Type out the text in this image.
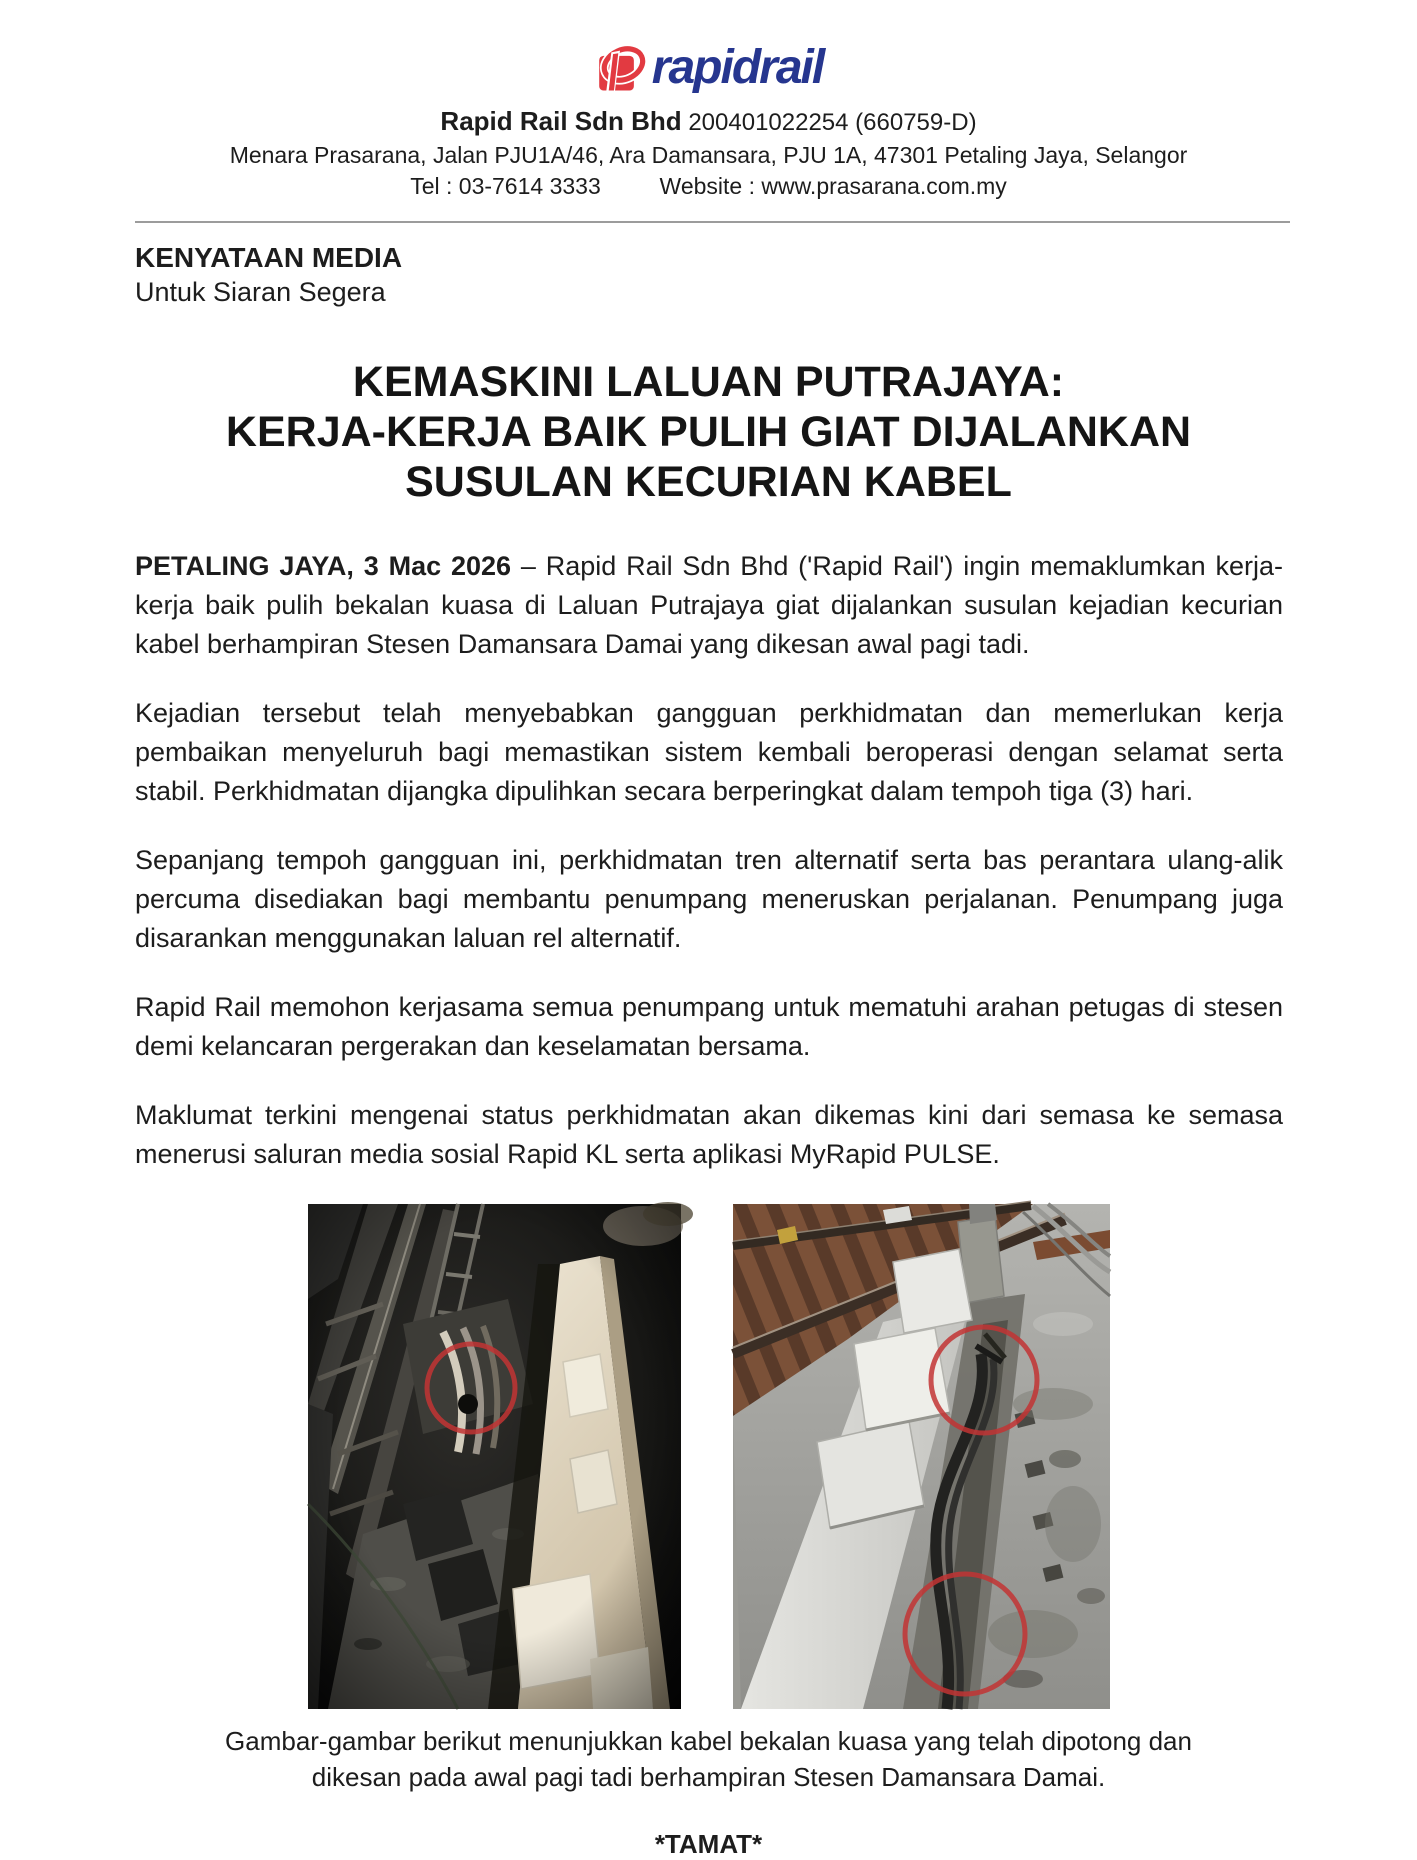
rapidrail
Rapid Rail Sdn Bhd 200401022254 (660759-D)
Menara Prasarana, Jalan PJU1A/46, Ara Damansara, PJU 1A, 47301 Petaling Jaya, Selangor
Tel : 03-7614 3333	Website : www.prasarana.com.my
KENYATAAN MEDIA
Untuk Siaran Segera
KEMASKINI LALUAN PUTRAJAYA:
KERJA-KERJA BAIK PULIH GIAT DIJALANKAN
SUSULAN KECURIAN KABEL

PETALING JAYA, 3 Mac 2026 – Rapid Rail Sdn Bhd ('Rapid Rail') ingin memaklumkan kerja-kerja baik pulih bekalan kuasa di Laluan Putrajaya giat dijalankan susulan kejadian kecurian kabel berhampiran Stesen Damansara Damai yang dikesan awal pagi tadi.

Kejadian tersebut telah menyebabkan gangguan perkhidmatan dan memerlukan kerja pembaikan menyeluruh bagi memastikan sistem kembali beroperasi dengan selamat serta stabil. Perkhidmatan dijangka dipulihkan secara berperingkat dalam tempoh tiga (3) hari.

Sepanjang tempoh gangguan ini, perkhidmatan tren alternatif serta bas perantara ulang-alik percuma disediakan bagi membantu penumpang meneruskan perjalanan. Penumpang juga disarankan menggunakan laluan rel alternatif.

Rapid Rail memohon kerjasama semua penumpang untuk mematuhi arahan petugas di stesen demi kelancaran pergerakan dan keselamatan bersama.

Maklumat terkini mengenai status perkhidmatan akan dikemas kini dari semasa ke semasa menerusi saluran media sosial Rapid KL serta aplikasi MyRapid PULSE.

Gambar-gambar berikut menunjukkan kabel bekalan kuasa yang telah dipotong dan dikesan pada awal pagi tadi berhampiran Stesen Damansara Damai.
*TAMAT*
